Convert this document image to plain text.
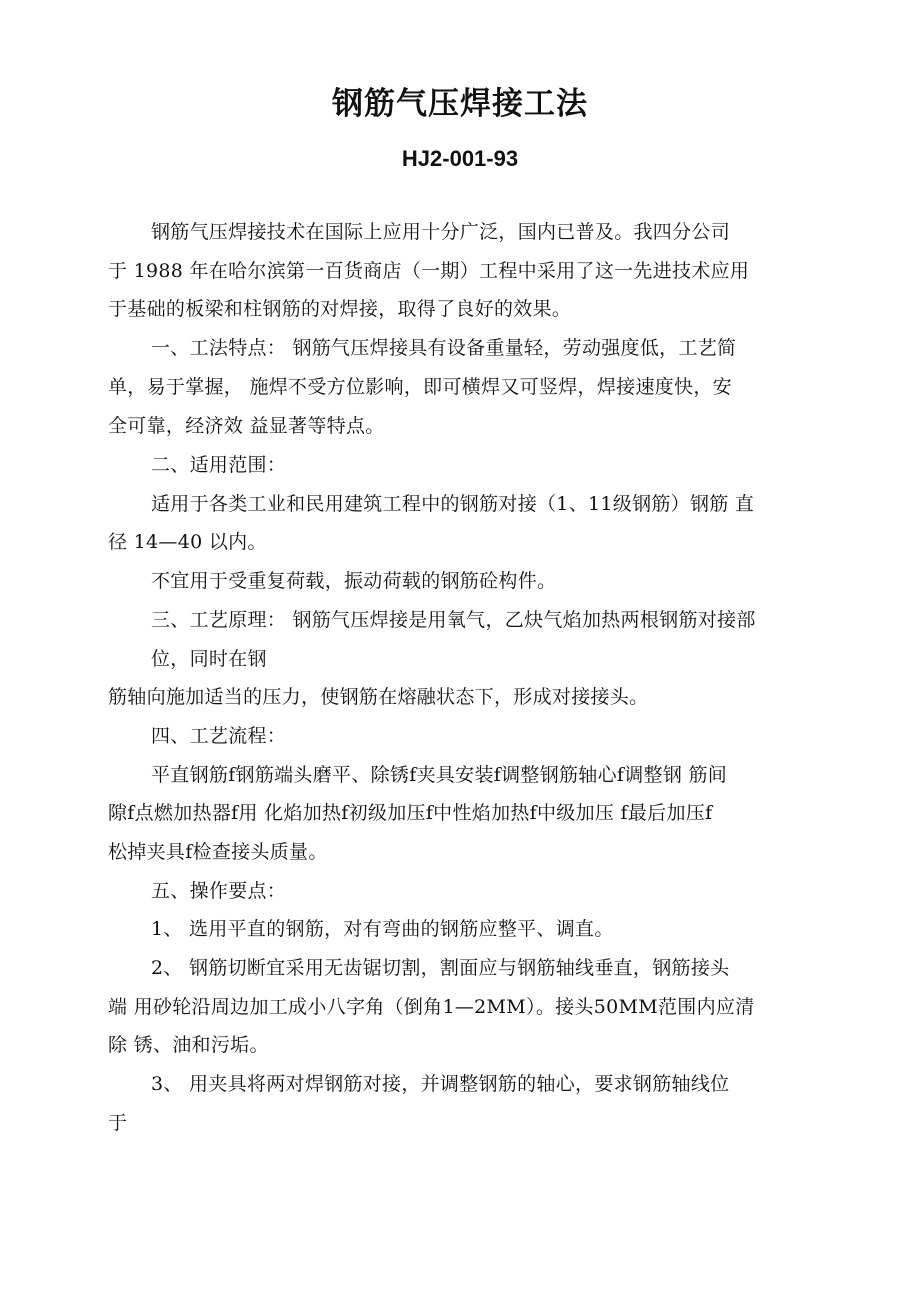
钢筋气压焊接工法
HJ2-001-93
钢筋气压焊接技术在国际上应用十分广泛，国内已普及。我四分公司
于 1988 年在哈尔滨第一百货商店（一期）工程中采用了这一先进技术应用
于基础的板梁和柱钢筋的对焊接，取得了良好的效果。
一、工法特点： 钢筋气压焊接具有设备重量轻，劳动强度低，工艺简
单，易于掌握， 施焊不受方位影响，即可横焊又可竖焊，焊接速度快，安
全可靠，经济效 益显著等特点。
二、适用范围：
适用于各类工业和民用建筑工程中的钢筋对接（1、11级钢筋）钢筋 直
径 14—40 以内。
不宜用于受重复荷载，振动荷载的钢筋砼构件。
三、工艺原理： 钢筋气压焊接是用氧气，乙炔气焰加热两根钢筋对接部
位，同时在钢
筋轴向施加适当的压力，使钢筋在熔融状态下，形成对接接头。
四、工艺流程：
平直钢筋f钢筋端头磨平、除锈f夹具安装f调整钢筋轴心f调整钢 筋间
隙f点燃加热器f用 化焰加热f初级加压f中性焰加热f中级加压 f最后加压f
松掉夹具f检查接头质量。
五、操作要点：
1、 选用平直的钢筋，对有弯曲的钢筋应整平、调直。
2、 钢筋切断宜采用无齿锯切割，割面应与钢筋轴线垂直，钢筋接头
端 用砂轮沿周边加工成小八字角（倒角1—2MM）。接头50MM范围内应清
除 锈、油和污垢。
3、 用夹具将两对焊钢筋对接，并调整钢筋的轴心，要求钢筋轴线位
于
